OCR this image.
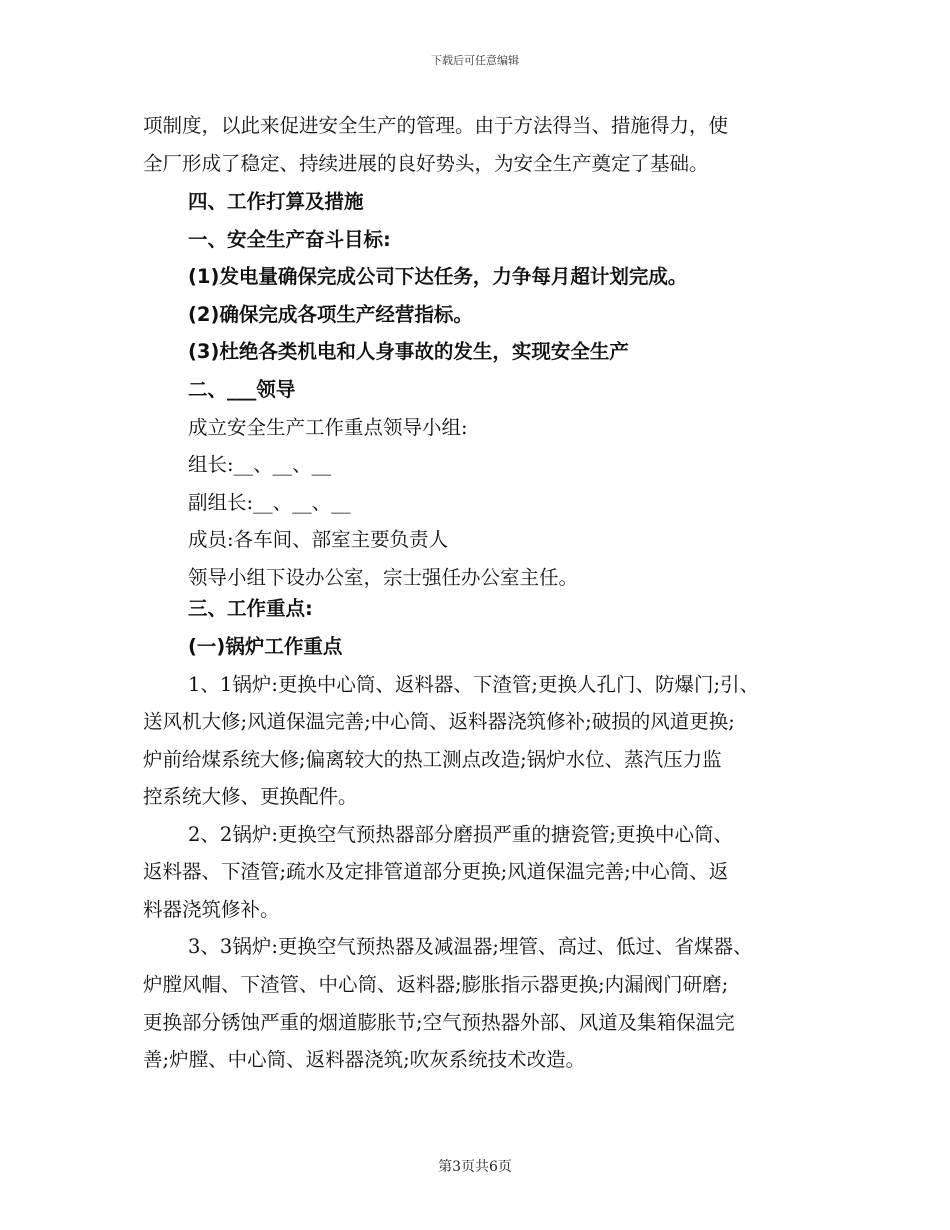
下载后可任意编辑
项制度，以此来促进安全生产的管理。由于方法得当、措施得力，使
全厂形成了稳定、持续进展的良好势头，为安全生产奠定了基础。
四、工作打算及措施
一、安全生产奋斗目标:
(1)发电量确保完成公司下达任务，力争每月超计划完成。
(2)确保完成各项生产经营指标。
(3)杜绝各类机电和人身事故的发生，实现安全生产
二、___领导
成立安全生产工作重点领导小组:
组长:__、__、__
副组长:__、__、__
成员:各车间、部室主要负责人
领导小组下设办公室，宗士强任办公室主任。
三、工作重点:
(一)锅炉工作重点
1、1锅炉:更换中心筒、返料器、下渣管;更换人孔门、防爆门;引、
送风机大修;风道保温完善;中心筒、返料器浇筑修补;破损的风道更换;
炉前给煤系统大修;偏离较大的热工测点改造;锅炉水位、蒸汽压力监
控系统大修、更换配件。
2、2锅炉:更换空气预热器部分磨损严重的搪瓷管;更换中心筒、
返料器、下渣管;疏水及定排管道部分更换;风道保温完善;中心筒、返
料器浇筑修补。
3、3锅炉:更换空气预热器及减温器;埋管、高过、低过、省煤器、
炉膛风帽、下渣管、中心筒、返料器;膨胀指示器更换;内漏阀门研磨;
更换部分锈蚀严重的烟道膨胀节;空气预热器外部、风道及集箱保温完
善;炉膛、中心筒、返料器浇筑;吹灰系统技术改造。
第3页共6页
